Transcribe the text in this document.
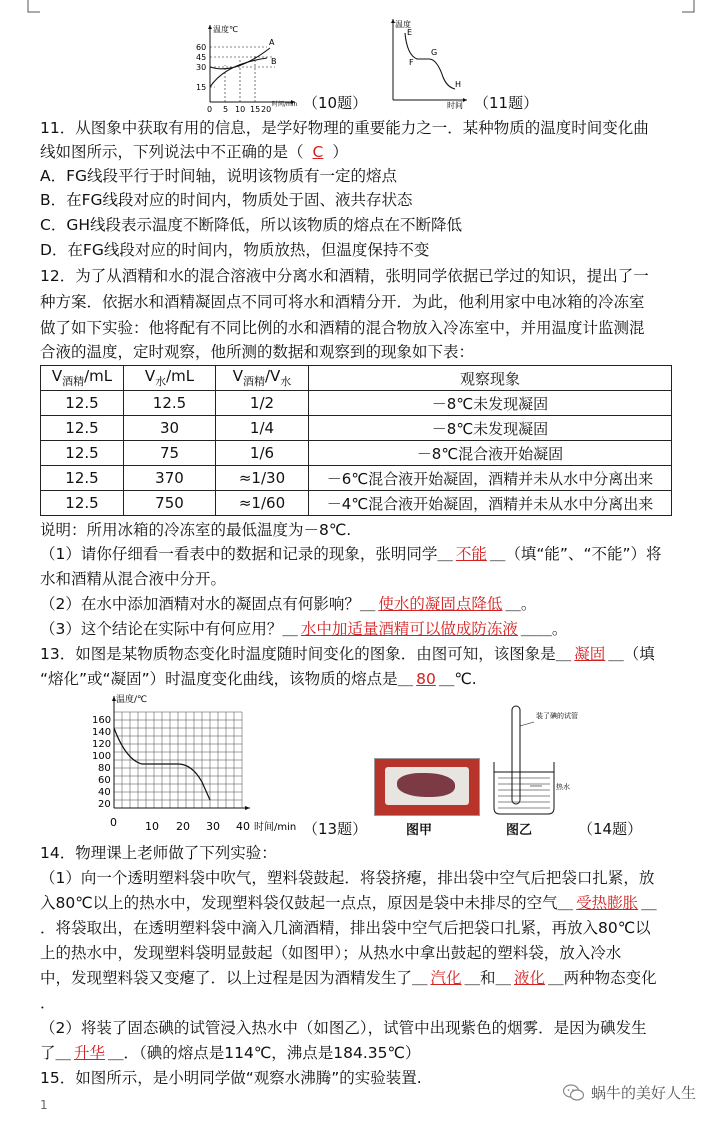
温度℃
60
45
30
15
0 5 10 15 20
时间/min
A
B
（10题）
温度
E
F
G
H
时间 （11题）
11．从图象中获取有用的信息，是学好物理的重要能力之一．某种物质的温度时间变化曲
线如图所示，下列说法中不正确的是（ C ）
A．FG线段平行于时间轴，说明该物质有一定的熔点
B．在FG线段对应的时间内，物质处于固、液共存状态
C．GH线段表示温度不断降低，所以该物质的熔点在不断降低
D．在FG线段对应的时间内，物质放热，但温度保持不变
12．为了从酒精和水的混合溶液中分离水和酒精，张明同学依据已学过的知识，提出了一
种方案．依据水和酒精凝固点不同可将水和酒精分开．为此，他利用家中电冰箱的冷冻室
做了如下实验：他将配有不同比例的水和酒精的混合物放入冷冻室中，并用温度计监测混
合液的温度，定时观察，他所测的数据和观察到的现象如下表：
$V_{酒精}/mL$	$V_水/mL$	$V_{酒精}/V_水$	观察现象
12.5	12.5	1/2	－8℃未发现凝固
12.5	30	1/4	－8℃未发现凝固
12.5	75	1/6	－8℃混合液开始凝固
12.5	370	≈1/30	－6℃混合液开始凝固，酒精并未从水中分离出来
12.5	750	≈1/60	－4℃混合液开始凝固，酒精并未从水中分离出来
说明：所用冰箱的冷冻室的最低温度为－8℃.
（1）请你仔细看一看表中的数据和记录的现象，张明同学＿ 不能 ＿（填“能”、“不能”）将
水和酒精从混合液中分开。
（2）在水中添加酒精对水的凝固点有何影响？＿ 使水的凝固点降低 ＿。
（3）这个结论在实际中有何应用？＿ 水中加适量酒精可以做成防冻液 ＿＿。
13．如图是某物质物态变化时温度随时间变化的图象．由图可知，该图象是＿ 凝固 ＿（填
“熔化”或“凝固”）时温度变化曲线，该物质的熔点是＿ 80 ＿℃.
温度/℃
160
140
120
100
80
60
40
20
0	10 20 30 40 时间/min （13题）	图甲
装了碘的试管
热水
图乙	（14题）
14．物理课上老师做了下列实验：
（1）向一个透明塑料袋中吹气，塑料袋鼓起．将袋挤瘪，排出袋中空气后把袋口扎紧，放
入80℃以上的热水中，发现塑料袋仅鼓起一点点，原因是袋中未排尽的空气＿ 受热膨胀 ＿
．将袋取出，在透明塑料袋中滴入几滴酒精，排出袋中空气后把袋口扎紧，再放入80℃以
上的热水中，发现塑料袋明显鼓起（如图甲）；从热水中拿出鼓起的塑料袋，放入冷水
中，发现塑料袋又变瘪了．以上过程是因为酒精发生了＿ 汽化 ＿和＿ 液化 ＿两种物态变化
．
（2）将装了固态碘的试管浸入热水中（如图乙），试管中出现紫色的烟雾．是因为碘发生
了＿ 升华 ＿．（碘的熔点是114℃，沸点是184.35℃）
15．如图所示，是小明同学做“观察水沸腾”的实验装置.
1
蜗牛的美好人生
